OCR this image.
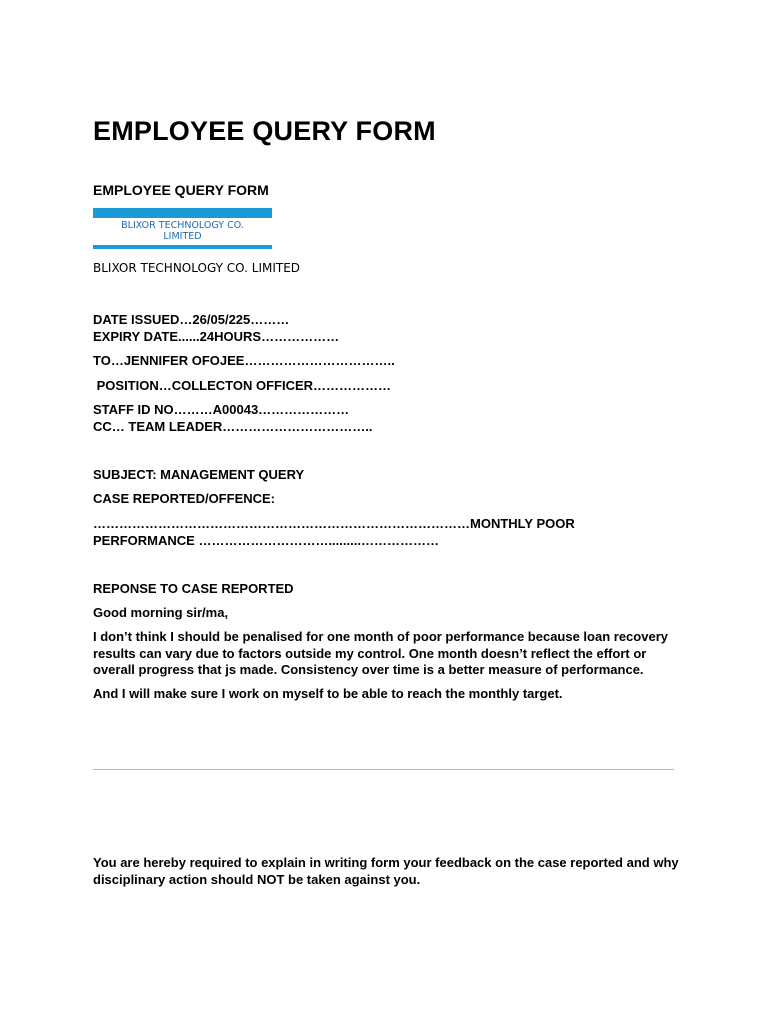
EMPLOYEE QUERY FORM
EMPLOYEE QUERY FORM
BLIXOR TECHNOLOGY CO.
LIMITED

BLIXOR TECHNOLOGY CO. LIMITED

DATE ISSUED…26/05/225………
EXPIRY DATE......24HOURS………………
TO…JENNIFER OFOJEE……………………………..
POSITION…COLLECTON OFFICER………………
STAFF ID NO………A00043…………………
CC… TEAM LEADER……………………………..
SUBJECT: MANAGEMENT QUERY
CASE REPORTED/OFFENCE:
……………………………………………………………………………MONTHLY POOR
PERFORMANCE ………………………….........………………
REPONSE TO CASE REPORTED
Good morning sir/ma,

I don’t think I should be penalised for one month of poor performance because loan recovery results can vary due to factors outside my control. One month doesn’t reflect the effort or overall progress that js made. Consistency over time is a better measure of performance.

And I will make sure I work on myself to be able to reach the monthly target.

You are hereby required to explain in writing form your feedback on the case reported and why disciplinary action should NOT be taken against you.
